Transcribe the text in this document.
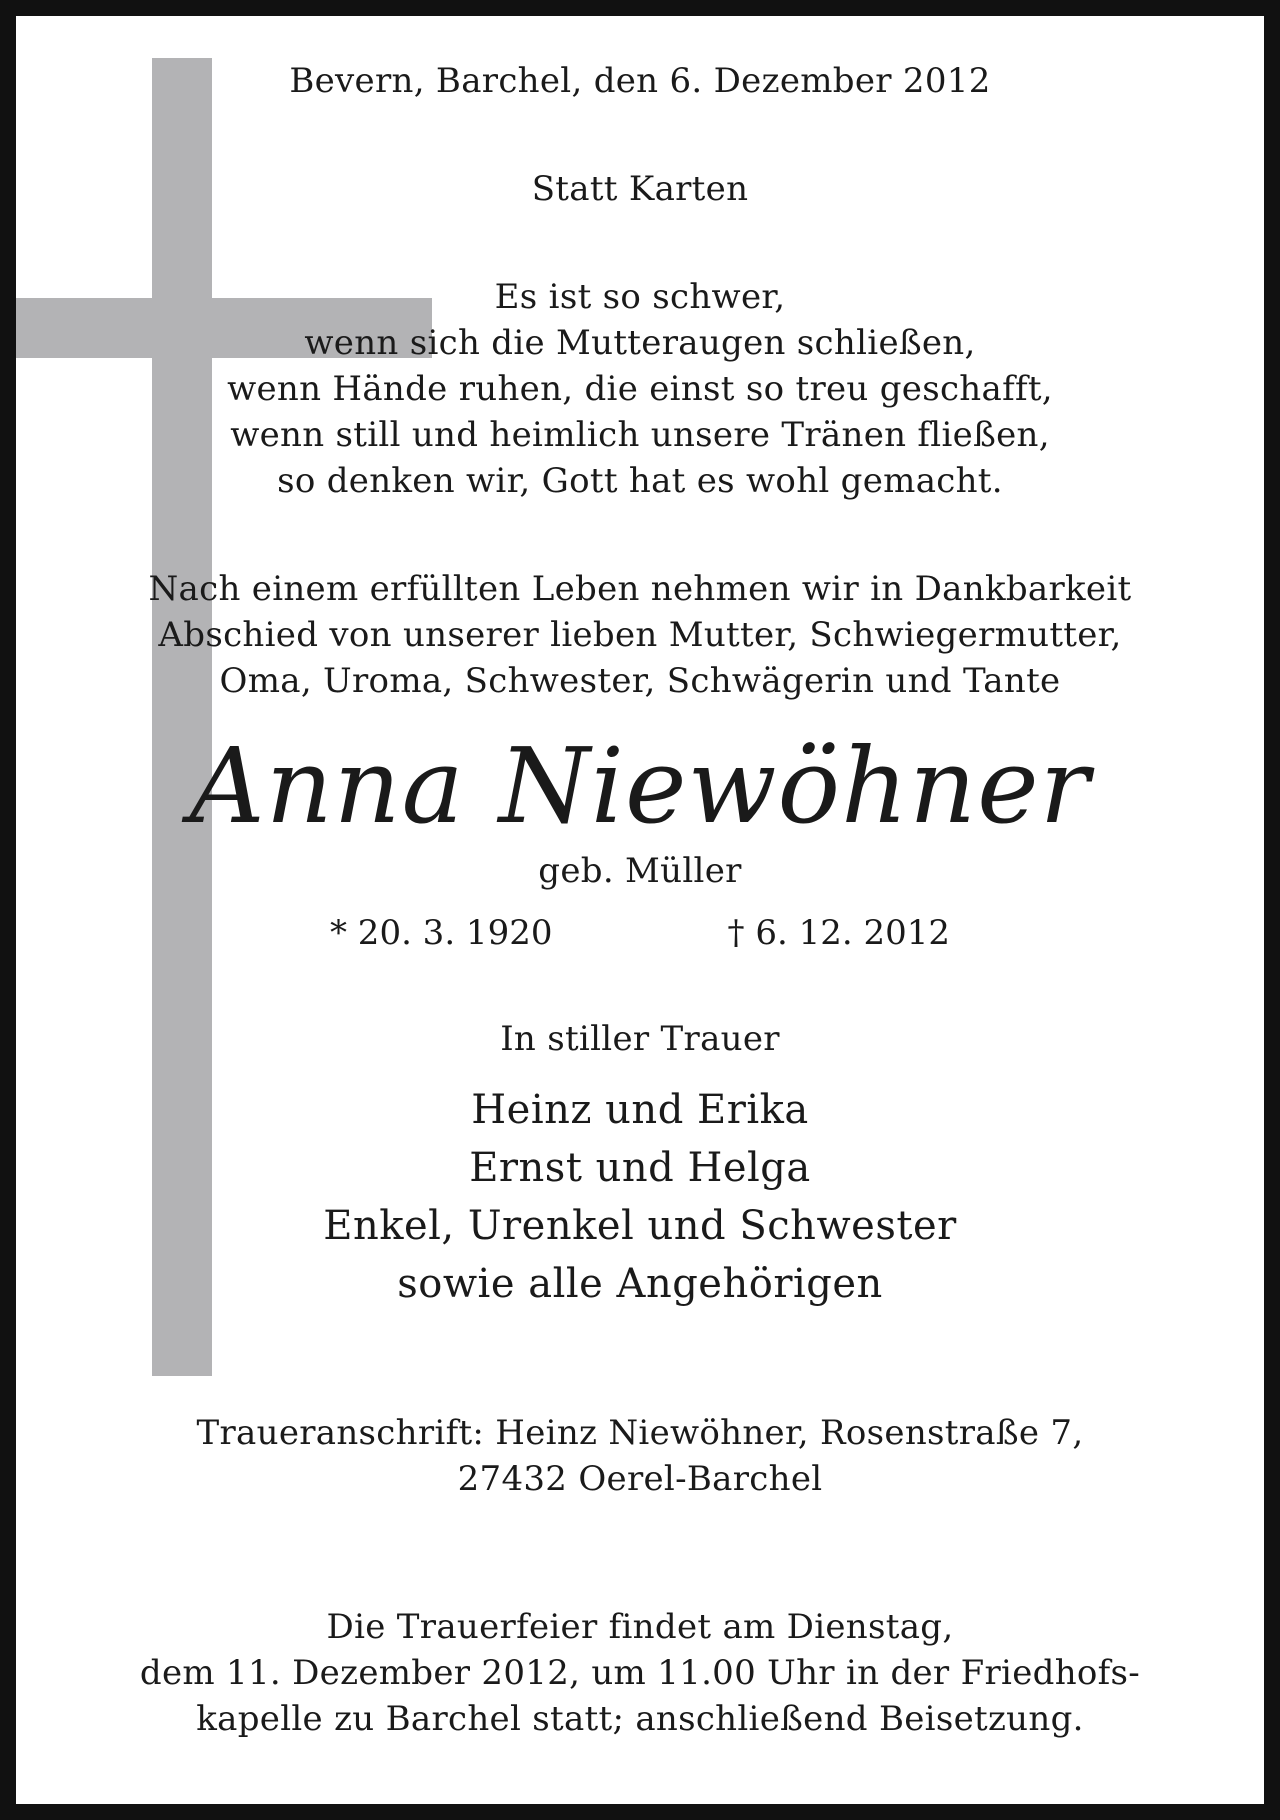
Bevern, Barchel, den 6. Dezember 2012
Statt Karten
Es ist so schwer,
wenn sich die Mutteraugen schließen,
wenn Hände ruhen, die einst so treu geschafft,
wenn still und heimlich unsere Tränen fließen,
so denken wir, Gott hat es wohl gemacht.
Nach einem erfüllten Leben nehmen wir in Dankbarkeit
Abschied von unserer lieben Mutter, Schwiegermutter,
Oma, Uroma, Schwester, Schwägerin und Tante
Anna Niewöhner
geb. Müller
* 20. 3. 1920	† 6. 12. 2012
In stiller Trauer
Heinz und Erika
Ernst und Helga
Enkel, Urenkel und Schwester
sowie alle Angehörigen
Traueranschrift: Heinz Niewöhner, Rosenstraße 7,
27432 Oerel-Barchel
Die Trauerfeier findet am Dienstag,
dem 11. Dezember 2012, um 11.00 Uhr in der Friedhofs-
kapelle zu Barchel statt; anschließend Beisetzung.
